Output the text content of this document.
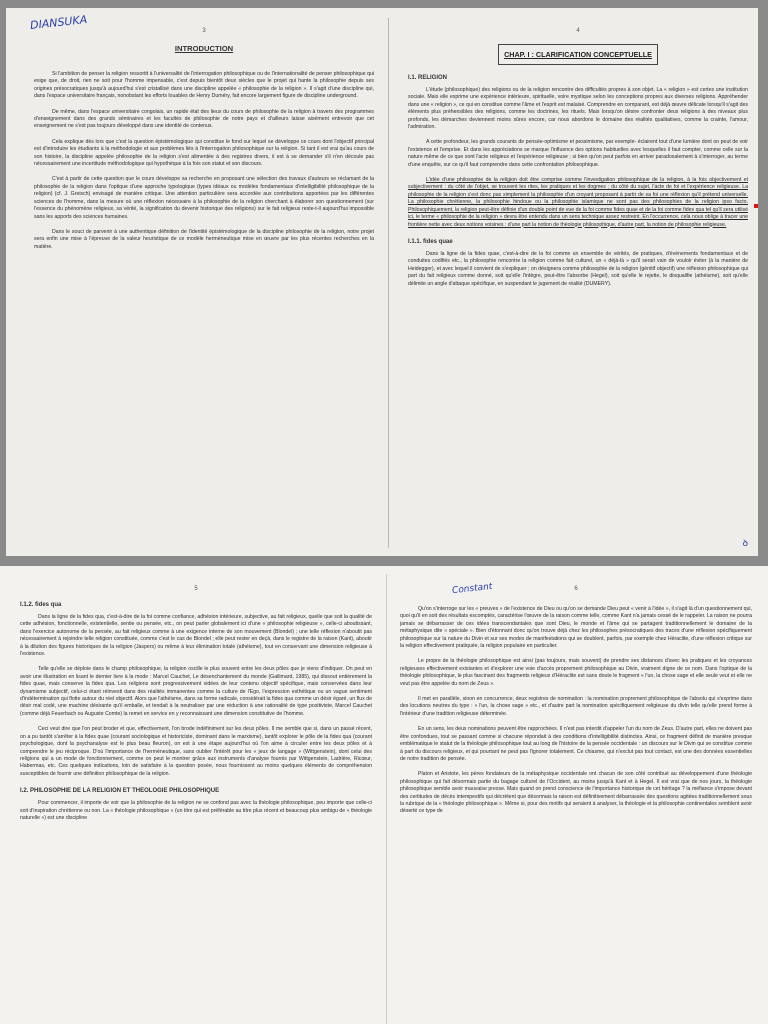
DIANSUKA	3
INTRODUCTION

Si l'ambition de penser la religion ressortit à l'universalité de l'interrogation philosophique ou de l'internationalité de penser philosophique qui exige que, de droit, rien ne soit pour l'homme impensable, c'est depuis bientôt deux siècles que le projet qui hante la philosophie depuis ses origines présocratiques jusqu'à aujourd'hui s'est cristallisé dans une discipline appelée « philosophie de la religion ». Il s'agit d'une discipline qui, dans l'espace universitaire français, nonobstant les efforts louables de Henry Duméry, fait encore largement figure de discipline underground.

De même, dans l'espace universitaire congolais, un rapide état des lieux du cours de philosophie de la religion à travers des programmes d'enseignement dans des grands séminaires et les facultés de philosophie de notre pays et d'ailleurs laisse aisément entrevoir que cet enseignement ne s'est pas toujours développé dans une identité de contenus.

Cela explique dès lors que c'est la question épistémologique qui constitue le fond sur lequel se développe ce cours dont l'objectif principal est d'introduire les étudiants à la méthodologie et aux problèmes liés à l'interrogation philosophique sur la religion. Si tant il est vrai qu'au cours de son histoire, la discipline appelée philosophie de la religion s'est alimentée à des registres divers, il est à se demander s'il n'en découle pas nécessairement une incertitude méthodologique qui hypothèque à la fois son statut et son discours.

C'est à partir de cette question que le cours développe sa recherche en proposant une sélection des travaux d'auteurs se réclamant de la philosophie de la religion dans l'optique d'une approche typologique (types idéaux ou modèles fondamentaux d'intelligibilité philosophique de la religion) (cf. J. Greisch) envisagé de manière critique. Une attention particulière sera accordée aux contributions apportées par les différentes sciences de l'homme, dans la mesure où une réflexion nécessaire à la philosophie de la religion cherchant à élaborer son questionnement (sur l'essence du phénomène religieux, sa vérité, la signification du devenir historique des religions) sur le fait religieux reste-t-il aujourd'hui impossible sans les apports des sciences humaines.

Dans le souci de parvenir à une authentique définition de l'identité épistémologique de la discipline philosophie de la religion, notre projet sera enfin une mise à l'épreuve de la valeur heuristique de ce modèle herméneutique mise en œuvre par les plus récentes recherches en la matière.

4
CHAP. I : CLARIFICATION CONCEPTUELLE
I.1. RELIGION

L'étude (philosophique) des religions ou de la religion rencontre des difficultés propres à son objet. La « religion » est certes une institution sociale. Mais elle exprime une expérience intérieure, spirituelle, voire mystique selon les conceptions propres aux diverses religions. Appréhender dans une « religion », ce qui en constitue comme l'âme et l'esprit est malaisé. Comprendre en comparant, est déjà œuvre délicate lorsqu'il s'agit des éléments plus préhensibles des religions, comme les doctrines, les rituels. Mais lorsqu'on désire confronter deux religions à des niveaux plus profonds, les démarches deviennent moins sûres encore, car nous abordons le domaine des réalités qualitatives, comme la crainte, l'amour, l'admiration.

A cette profondeur, les grands courants de pensée-optimisme et pessimisme, par exemple- éclairent tout d'une lumière dont on peut de voir l'existence et l'emprise. Et dans les appréciations se marque l'influence des options habituelles avec lesquelles il faut compter, comme celle sur la nature même de ce que sont l'acte religieux et l'expérience religieuse ; si bien qu'on peut parfois en arriver paradoxalement à s'interroger, au terme d'une enquête, sur ce qu'il faut comprendre dans cette confrontation philosophique.

L'idée d'une philosophie de la religion doit être comprise comme l'investigation philosophique de la religion, à la fois objectivement et subjectivement : du côté de l'objet, se trouvent les rites, les pratiques et les dogmes ; du côté du sujet, l'acte de foi et l'expérience religieuse. La philosophie de la religion s'est donc pas simplement la philosophie d'un croyant proposant à partir de sa foi une réflexion qu'il prétend universelle. La philosophie chrétienne, la philosophie hindoue ou la philosophie islamique ne sont pas des philosophies de la religion ipso facto. Philosophiquement, la religion peut-être définie d'un double point de vue de la foi comme fides quae et de la foi comme fides qua tel qu'il sera utilisé ici, le terme « philosophie de la religion » devra être entendu dans un sens technique assez restreint. En l'occurrence, cela nous oblige à tracer une frontière nette avec deux notions voisines : d'une part la notion de théologie philosophique, d'autre part, la notion de philosophie religieuse.

I.1.1. fides quae

Dans la ligne de la fides quae, c'est-à-dire de la foi comme un ensemble de vérités, de pratiques, d'événements fondamentaux et de conduites codifiés etc., la philosophie rencontre la religion comme fait culturel, un « déjà-là » qu'il serait vain de vouloir éviter (à la manière de Heidegger), et avec lequel il convient de s'expliquer ; on désignera comme philosophie de la religion (génitif objectif) une réflexion philosophique qui part du fait religieux comme donné, soit qu'elle l'intègre, peut-être l'absorbe (Hegel), soit qu'elle le rejette, le disqualifie (athéisme), soit qu'elle délimite un angle d'attaque spécifique, en suspendant le jugement de réalité (DUMERY).

ꝺ
5
I.1.2. fides qua

Dans la ligne de la fides qua, c'est-à-dire de la foi comme confiance, adhésion intérieure, subjective, au fait religieux, quelle que soit la qualité de cette adhésion, fonctionnelle, existentielle, sentie ou pensée, etc., on peut parler globalement ici d'une « philosophie religieuse », celle-ci aboutissant, dans l'exercice autonome de la pensée, au fait religieux comme à une exigence interne de son mouvement (Blondel) ; une telle réflexion n'aboutit pas nécessairement à rejoindre telle religion constituée, comme c'est le cas de Blondel ; elle peut rester en deçà, dans le registre de la raison (Kant), aboutir à la dilution des figures historiques de la religion (Jaspers) ou même à leur élimination totale (athéisme), tout en conservant une dimension religieuse à l'existence.

Telle qu'elle se déploie dans le champ philosophique, la religion oscille le plus souvent entre les deux pôles que je viens d'indiquer. On peut en avoir une illustration en lisant le dernier livre à la mode : Marcel Cauchet, Le désenchantement du monde (Gallimard, 1985), qui dissout entièrement la fides quae, mais conserve la fides qua. Les religions sont progressivement vidées de leur contenu objectif spécifique, mais conservées dans leur dynamisme subjectif, celui-ci étant réinvesti dans des réalités immanentes comme la culture de l'Ego, l'expression esthétique ou un vague sentiment d'indétermination qui flotte autour du réel objectif. Alors que l'athéisme, dans sa forme radicale, considérait la fides qua comme un désir égaré, un flux de désir mal codé, une machine désirante qu'il emballe, et tendait à la neutraliser par une réduction à une rationalité de type positiviste, Marcel Cauchet (comme déjà Feuerbach ou Auguste Comte) la remet en service en y reconnaissant une dimension constitutive de l'homme.

Ceci veut dire que l'on peut broder et que, effectivement, l'on brode indéfiniment sur les deux pôles. Il me semble que si, dans un passé récent, on a pu tantôt s'arrêter à la fides quae (courant sociologique et historiciste, dominant dans le marxisme), tantôt explorer le pôle de la fides qua (courant psychologique, dont la psychanalyse est le plus beau fleuron), on est à une étape aujourd'hui où l'on aime à circuler entre les deux pôles et à comprendre le jeu réciproque. D'où l'importance de l'herméneutique, sans oublier l'intérêt pour les « jeux de langage » (Wittgenstein), dont celui des religions qui a un mode de fonctionnement, comme on peut le montrer grâce aux instruments d'analyse fournis par Wittgenstein, Ladrière, Ricœur, Habermas, etc. Ces quelques indications, loin de satisfaire à la question posée, nous fournissent au moins quelques éléments de compréhension susceptibles de fournir une définition philosophique de la religion.

I.2. PHILOSOPHIE DE LA RELIGION ET THEOLOGIE PHILOSOPHIQUE

Pour commencer, il importe de voir que la philosophie de la religion ne se confond pas avec la théologie philosophique, peu importe que celle-ci soit d'inspiration chrétienne ou non. La « théologie philosophique » (un titre qui est préférable au titre plus récent et beaucoup plus ambigu de « théologie naturelle ») est une discipline

6
Constant

Qu'on s'interroge sur les « preuves » de l'existence de Dieu ou qu'on se demande Dieu peut « venir à l'idée », il s'agit là d'un questionnement qui, quoi qu'il en soit des résultats escomptés, caractérise l'œuvre de la raison comme telle, comme Kant n'a jamais cessé de le rappeler. La raison ne pourra jamais se débarrasser de ces idées transcendantales que sont Dieu, le monde et l'âme qui se partagent traditionnellement le domaine de la métaphysique dite « spéciale ». Bien d'étonnant donc qu'on trouve déjà chez les philosophes présocratiques des traces d'une réflexion spécifiquement philosophique sur la nature du Divin et sur ses modes de manifestations qui se doublent, parfois, par exemple chez Héraclite, d'une réflexion critique sur la religion effectivement pratiquée, la religion populaire en particulier.

Le propre de la théologie philosophique est ainsi (pas toujours, mais souvent) de prendre ses distances d'avec les pratiques et les croyances religieuses effectivement existantes et d'explorer une voie d'accès proprement philosophique au Divin, vraiment digne de ce nom. Dans l'optique de la théologie philosophique, le plus fascinant des fragments religieux d'Héraclite est sans doute le fragment « l'un, la chose sage et elle seule veut et elle ne veut pas être appelée du nom de Zeus ».

Il met en parallèle, sinon en concurrence, deux registres de nomination : la nomination proprement philosophique de l'absolu qui s'exprime dans des locutions neutres du type : « l'un, la chose sage » etc., et d'autre part la nomination spécifiquement religieuse du divin telle qu'elle prend forme à l'intérieur d'une tradition religieuse déterminée.

En un sens, les deux nominations peuvent être rapprochées. Il n'est pas interdit d'appeler l'un du nom de Zeus. D'autre part, elles ne doivent pas être confondues, tout se passant comme si chacune répondait à des conditions d'intelligibilité distinctes. Ainsi, ce fragment définit de manière presque emblématique le statut de la théologie philosophique tout au long de l'histoire de la pensée occidentale : un discours sur le Divin qui se constitue comme à part du discours religieux, et qui pourtant ne peut pas l'ignorer totalement. Ce chiasme, qui n'exclut pas tout contact, est une des données essentielles de notre tradition de pensée.

Platon et Aristote, les pères fondateurs de la métaphysique occidentale ont chacun de son côté contribué au développement d'une théologie philosophique qui fait désormais partie du bagage culturel de l'Occident, au moins jusqu'à Kant et à Hegel. Il est vrai que de nos jours, la théologie philosophique semble avoir mauvaise presse. Mais quand on prend conscience de l'importance historique de cet héritage ? la méfiance s'impose devant des certitudes de décès intempestifs qui décrètent que désormais la raison est définitivement débarrassée des questions agitées traditionnellement sous la rubrique de la « théologie philosophique ». Même si, pour des motifs qui seraient à analyser, la théologie et la philosophie continentales semblent avoir déserté ce type de
